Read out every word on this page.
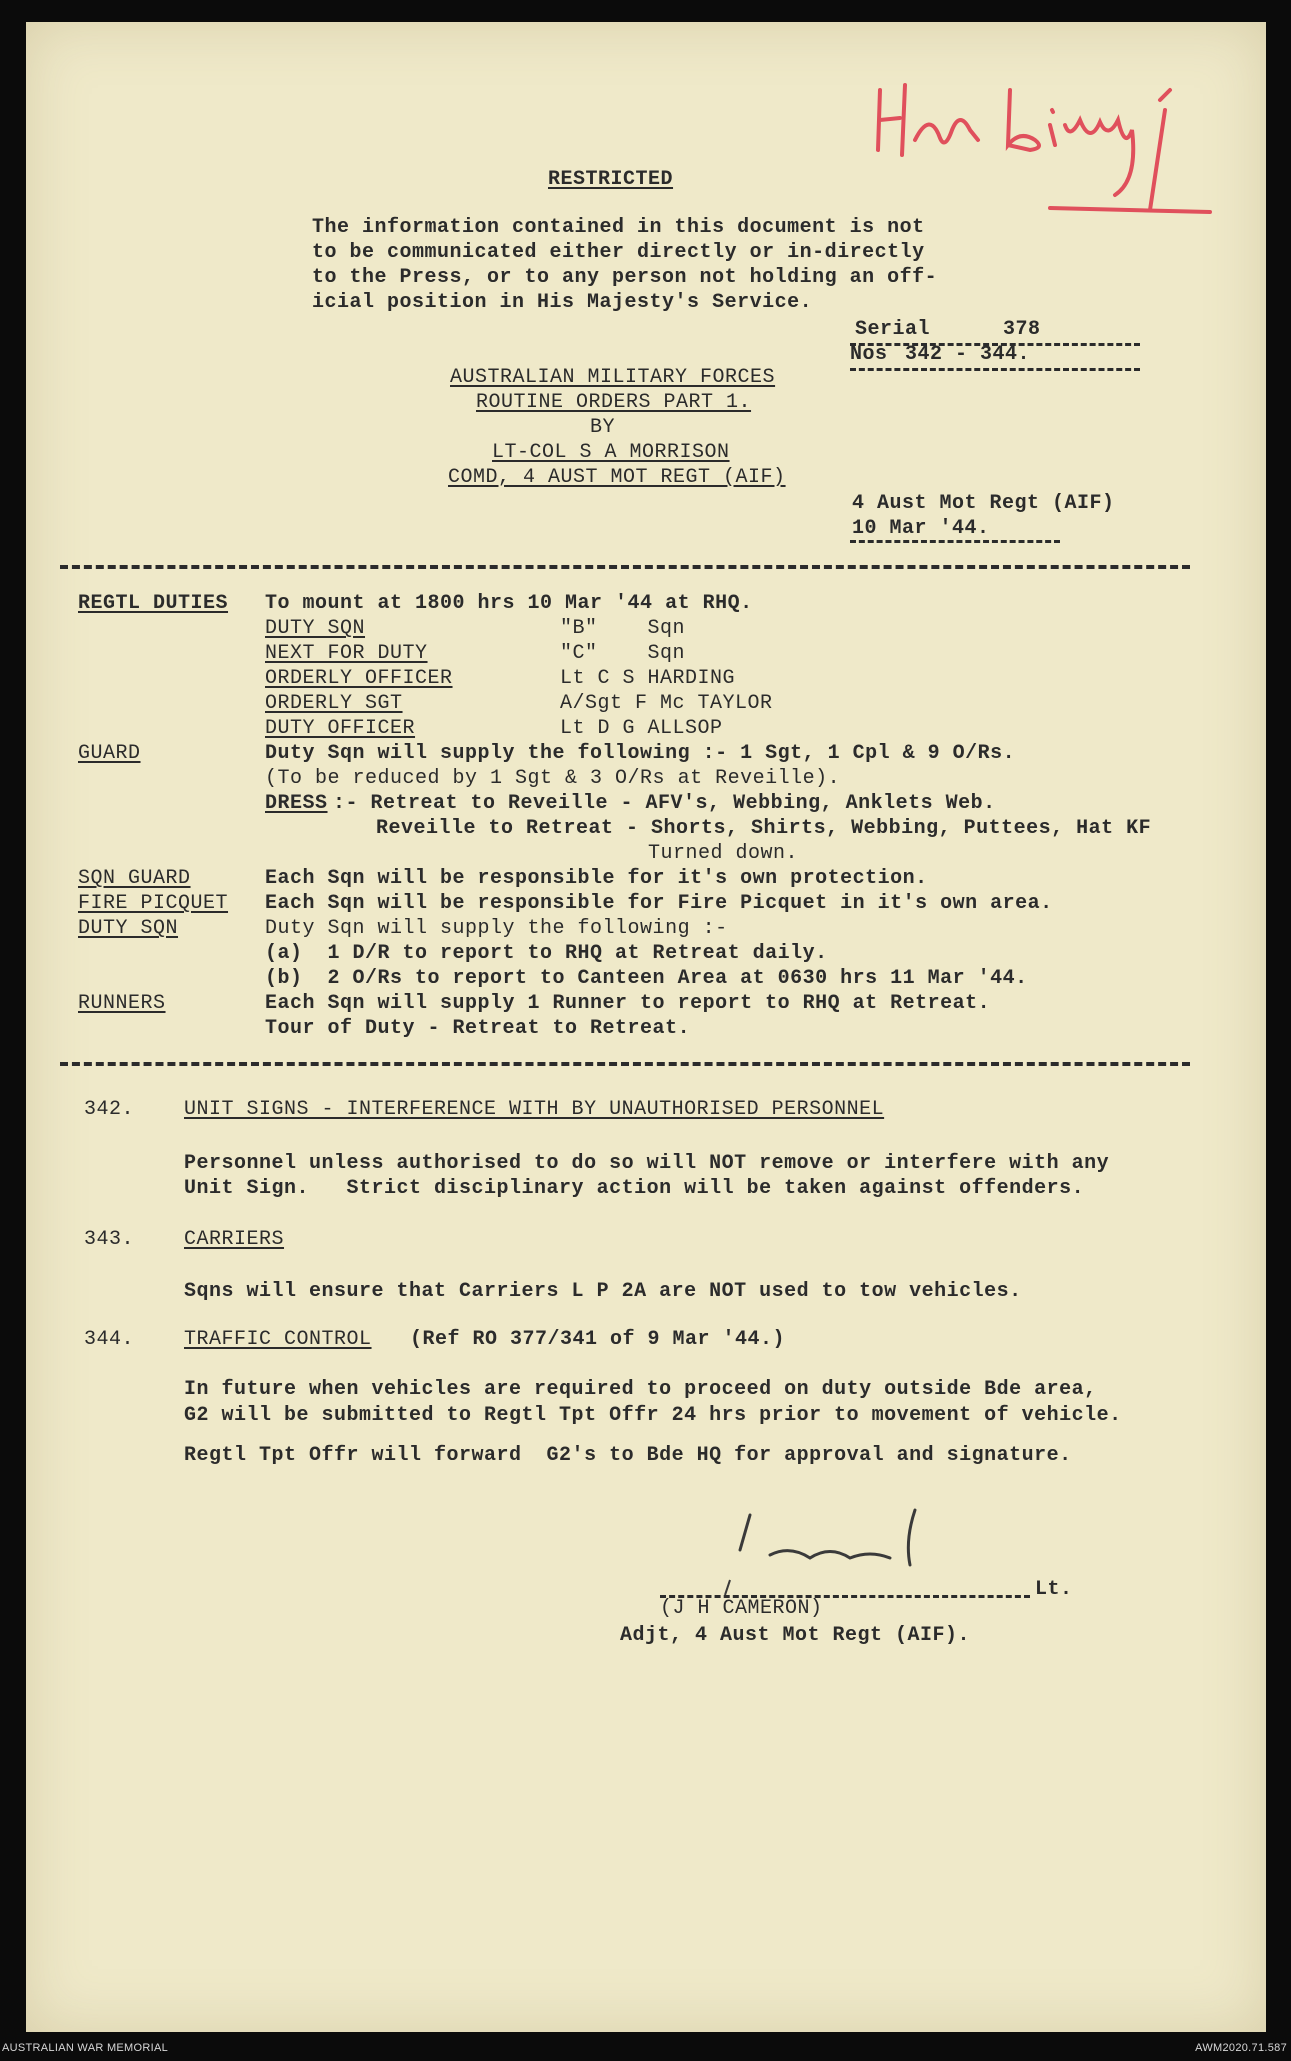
RESTRICTED
The information contained in this document is not
to be communicated either directly or in-directly
to the Press, or to any person not holding an off-
icial position in His Majesty's Service.
Serial	378
Nos 342 - 344.
AUSTRALIAN MILITARY FORCES
ROUTINE ORDERS PART 1.
BY
LT-COL S A MORRISON
COMD, 4 AUST MOT REGT (AIF)
4 Aust Mot Regt (AIF)
10 Mar '44.
REGTL DUTIES To mount at 1800 hrs 10 Mar '44 at RHQ.
DUTY SQN	"B"    Sqn
NEXT FOR DUTY	"C"    Sqn
ORDERLY OFFICER	Lt C S HARDING
ORDERLY SGT	A/Sgt F Mc TAYLOR
DUTY OFFICER	Lt D G ALLSOP
GUARD	Duty Sqn will supply the following :- 1 Sgt, 1 Cpl & 9 O/Rs.
(To be reduced by 1 Sgt & 3 O/Rs at Reveille).
DRESS :- Retreat to Reveille - AFV's, Webbing, Anklets Web.
Reveille to Retreat - Shorts, Shirts, Webbing, Puttees, Hat KF
Turned down.
SQN GUARD	Each Sqn will be responsible for it's own protection.
FIRE PICQUET Each Sqn will be responsible for Fire Picquet in it's own area.
DUTY SQN	Duty Sqn will supply the following :-
(a)  1 D/R to report to RHQ at Retreat daily.
(b)  2 O/Rs to report to Canteen Area at 0630 hrs 11 Mar '44.
RUNNERS	Each Sqn will supply 1 Runner to report to RHQ at Retreat.
Tour of Duty - Retreat to Retreat.
342. UNIT SIGNS - INTERFERENCE WITH BY UNAUTHORISED PERSONNEL
Personnel unless authorised to do so will NOT remove or interfere with any
Unit Sign.   Strict disciplinary action will be taken against offenders.
343. CARRIERS
Sqns will ensure that Carriers L P 2A are NOT used to tow vehicles.
344. TRAFFIC CONTROL (Ref RO 377/341 of 9 Mar '44.)
In future when vehicles are required to proceed on duty outside Bde area,
G2 will be submitted to Regtl Tpt Offr 24 hrs prior to movement of vehicle.
Regtl Tpt Offr will forward  G2's to Bde HQ for approval and signature.
Lt.
(J H CAMERON)
Adjt, 4 Aust Mot Regt (AIF).
AUSTRALIAN WAR MEMORIAL	AWM2020.71.587
